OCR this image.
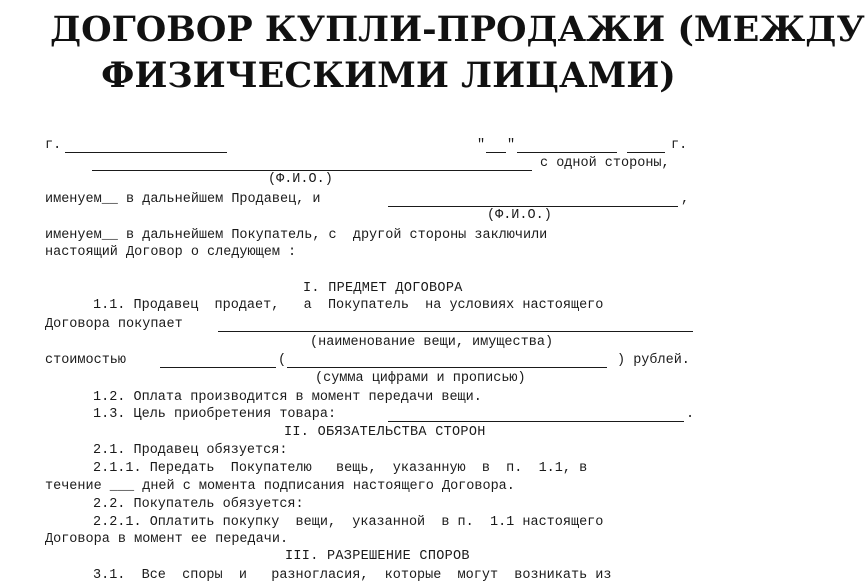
ДОГОВОР КУПЛИ-ПРОДАЖИ (МЕЖДУ
ФИЗИЧЕСКИМИ ЛИЦАМИ)
г.	" "	г.
с одной стороны,
(Ф.И.О.)
именуем__ в дальнейшем Продавец, и	,
(Ф.И.О.)
именуем__ в дальнейшем Покупатель, с  другой стороны заключили
настоящий Договор о следующем :
I. ПРЕДМЕТ ДОГОВОРА
1.1. Продавец  продает,   а  Покупатель  на условиях настоящего
Договора покупает
(наименование вещи, имущества)
стоимостью	(	) рублей.
(сумма цифрами и прописью)
1.2. Оплата производится в момент передачи вещи.
1.3. Цель приобретения товара:	.
II. ОБЯЗАТЕЛЬСТВА СТОРОН
2.1. Продавец обязуется:
2.1.1. Передать  Покупателю   вещь,  указанную  в  п.  1.1, в
течение ___ дней с момента подписания настоящего Договора.
2.2. Покупатель обязуется:
2.2.1. Оплатить покупку  вещи,  указанной  в п.  1.1 настоящего
Договора в момент ее передачи.
III. РАЗРЕШЕНИЕ СПОРОВ
3.1.  Все  споры  и   разногласия,  которые  могут  возникать из
